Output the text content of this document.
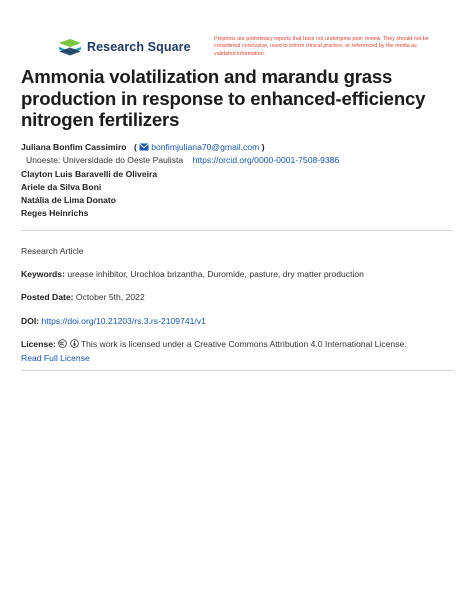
Research Square
Preprints are preliminary reports that have not undergone peer review. They should not be considered conclusive, used to inform clinical practice, or referenced by the media as validated information.
Ammonia volatilization and marandu grass production in response to enhanced-efficiency nitrogen fertilizers
Juliana Bonfim Cassimiro ( bonfimjuliana70@gmail.com )
Unoeste: Universidade do Oeste Paulista https://orcid.org/0000-0001-7508-9386
Clayton Luis Baravelli de Oliveira
Ariele da Silva Boni
Natália de Lima Donato
Reges Heinrichs
Research Article
Keywords: urease inhibitor, Urochloa brizantha, Duromide, pasture, dry matter production
Posted Date: October 5th, 2022
DOI: https://doi.org/10.21203/rs.3.rs-2109741/v1
License:	This work is licensed under a Creative Commons Attribution 4.0 International License.
Read Full License
